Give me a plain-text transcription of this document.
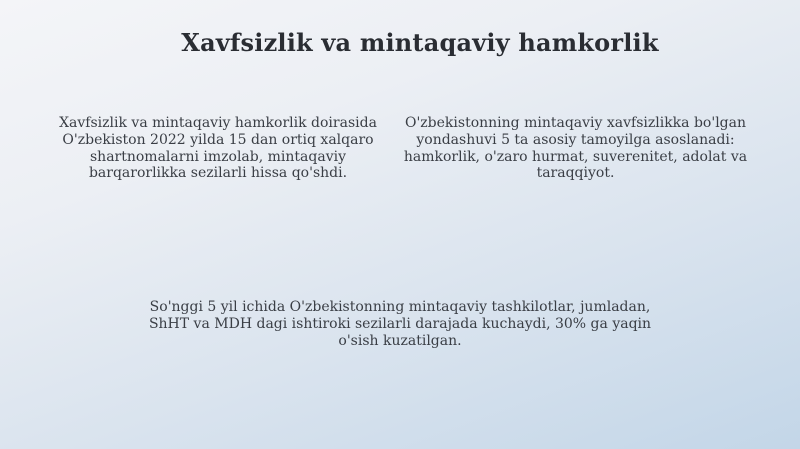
Xavfsizlik va mintaqaviy hamkorlik
Xavfsizlik va mintaqaviy hamkorlik doirasida O'zbekiston 2022 yilda 15 dan ortiq xalqaro shartnomalarni imzolab, mintaqaviy barqarorlikka sezilarli hissa qo'shdi.
O'zbekistonning mintaqaviy xavfsizlikka bo'lgan yondashuvi 5 ta asosiy tamoyilga asoslanadi: hamkorlik, o'zaro hurmat, suverenitet, adolat va taraqqiyot.
So'nggi 5 yil ichida O'zbekistonning mintaqaviy tashkilotlar, jumladan, ShHT va MDH dagi ishtiroki sezilarli darajada kuchaydi, 30% ga yaqin o'sish kuzatilgan.
